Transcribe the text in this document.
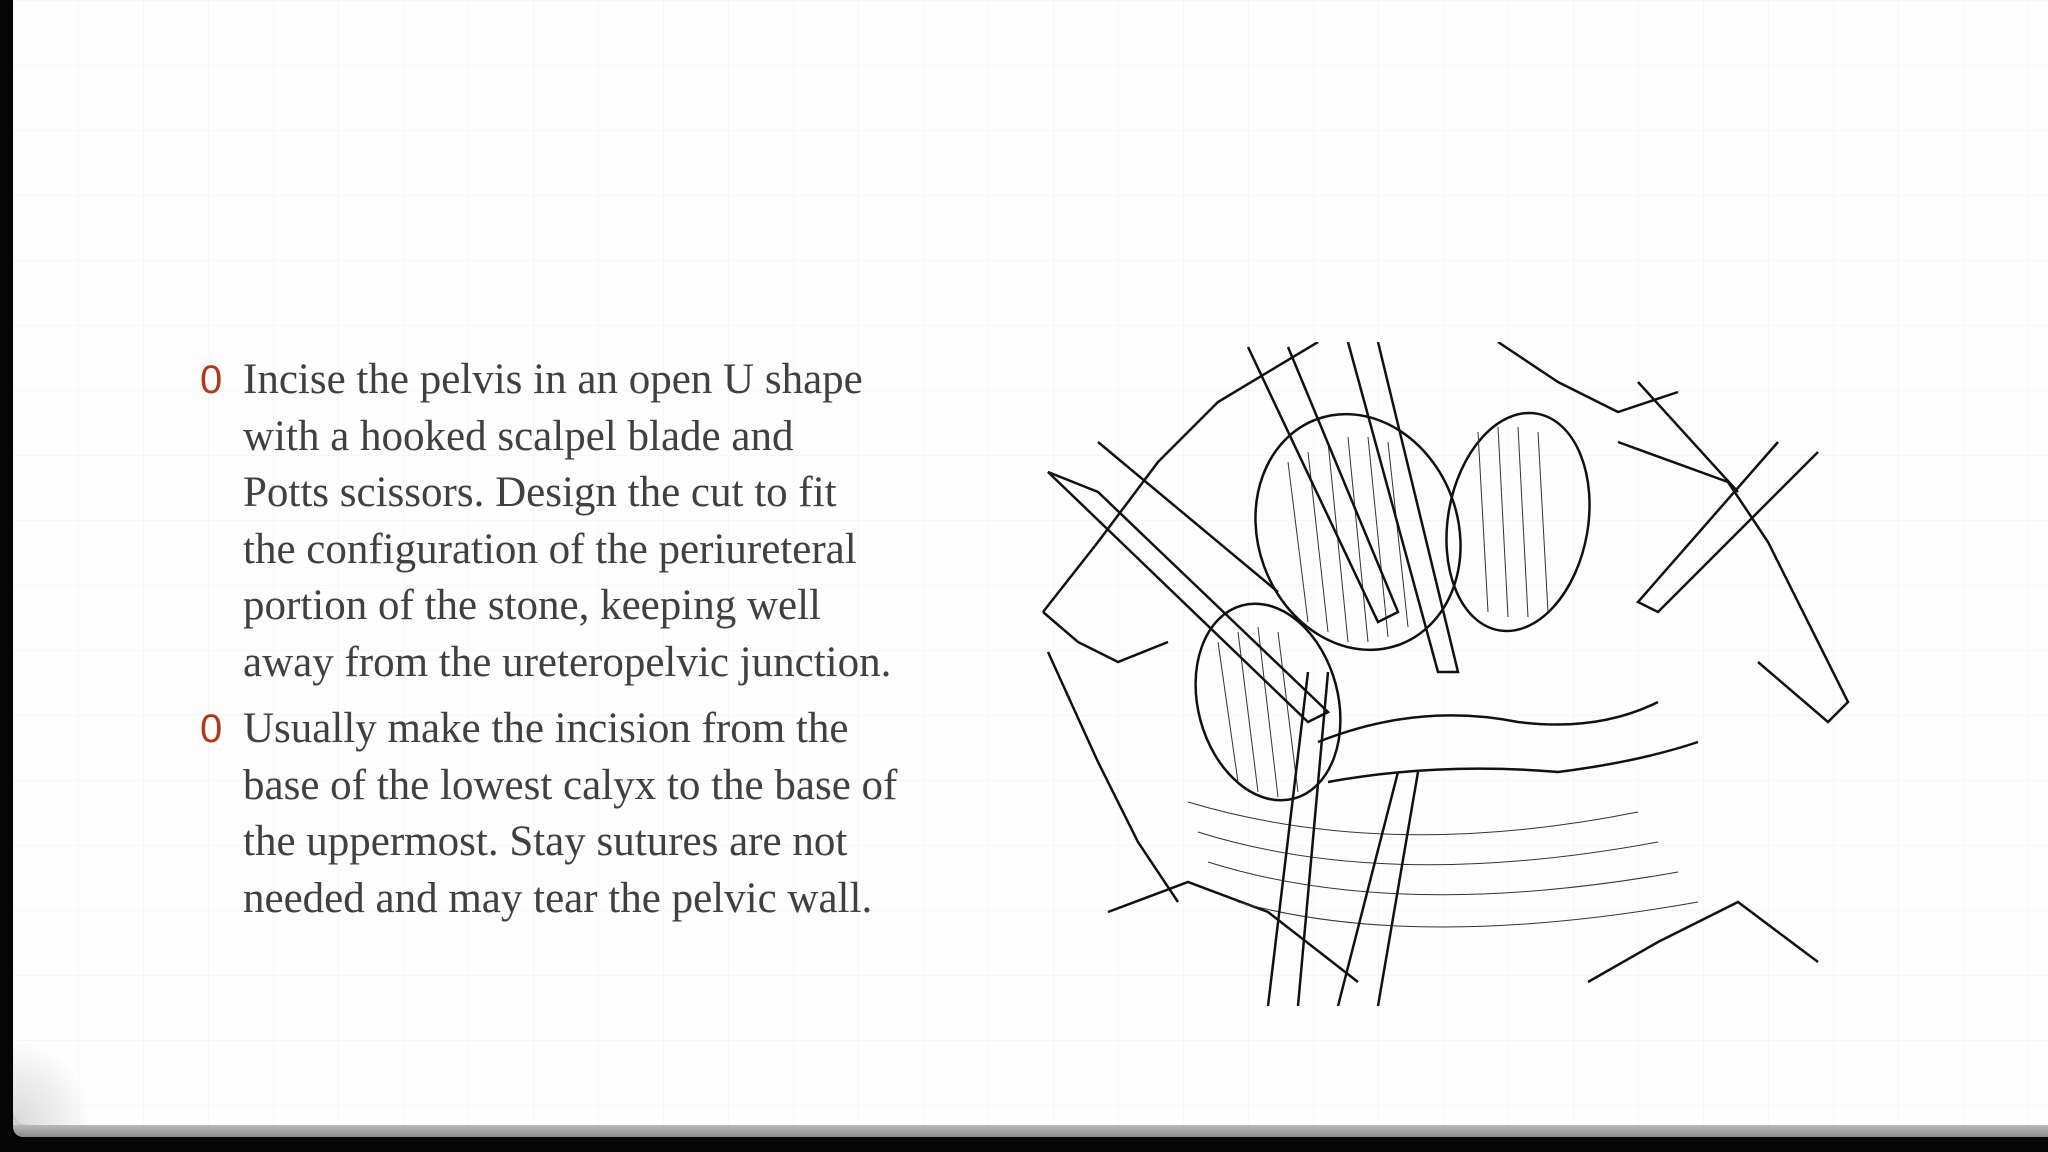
0 Incise the pelvis in an open U shape
with a hooked scalpel blade and
Potts scissors. Design the cut to fit
the configuration of the periureteral
portion of the stone, keeping well
away from the ureteropelvic junction.
0 Usually make the incision from the
base of the lowest calyx to the base of
the uppermost. Stay sutures are not
needed and may tear the pelvic wall.
